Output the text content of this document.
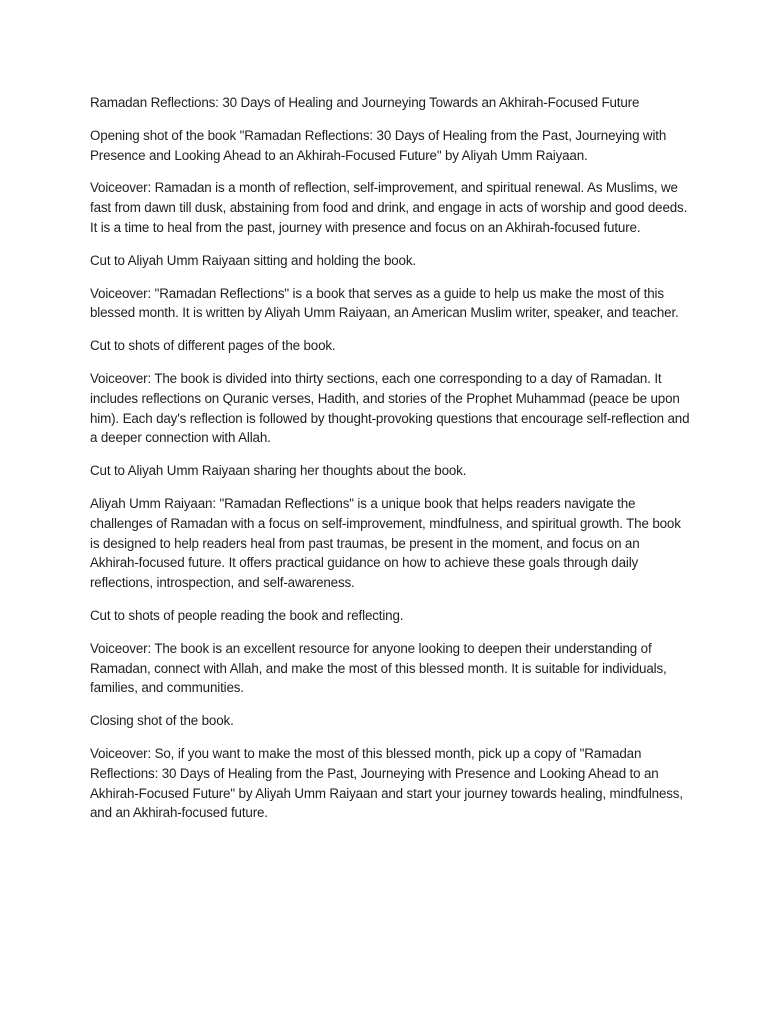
Ramadan Reflections: 30 Days of Healing and Journeying Towards an Akhirah-Focused Future

Opening shot of the book "Ramadan Reflections: 30 Days of Healing from the Past, Journeying with Presence and Looking Ahead to an Akhirah-Focused Future" by Aliyah Umm Raiyaan.

Voiceover: Ramadan is a month of reflection, self-improvement, and spiritual renewal. As Muslims, we fast from dawn till dusk, abstaining from food and drink, and engage in acts of worship and good deeds. It is a time to heal from the past, journey with presence and focus on an Akhirah-focused future.

Cut to Aliyah Umm Raiyaan sitting and holding the book.

Voiceover: "Ramadan Reflections" is a book that serves as a guide to help us make the most of this blessed month. It is written by Aliyah Umm Raiyaan, an American Muslim writer, speaker, and teacher.

Cut to shots of different pages of the book.

Voiceover: The book is divided into thirty sections, each one corresponding to a day of Ramadan. It includes reflections on Quranic verses, Hadith, and stories of the Prophet Muhammad (peace be upon him). Each day's reflection is followed by thought-provoking questions that encourage self-reflection and a deeper connection with Allah.

Cut to Aliyah Umm Raiyaan sharing her thoughts about the book.

Aliyah Umm Raiyaan: "Ramadan Reflections" is a unique book that helps readers navigate the challenges of Ramadan with a focus on self-improvement, mindfulness, and spiritual growth. The book is designed to help readers heal from past traumas, be present in the moment, and focus on an Akhirah-focused future. It offers practical guidance on how to achieve these goals through daily reflections, introspection, and self-awareness.

Cut to shots of people reading the book and reflecting.

Voiceover: The book is an excellent resource for anyone looking to deepen their understanding of Ramadan, connect with Allah, and make the most of this blessed month. It is suitable for individuals, families, and communities.

Closing shot of the book.

Voiceover: So, if you want to make the most of this blessed month, pick up a copy of "Ramadan Reflections: 30 Days of Healing from the Past, Journeying with Presence and Looking Ahead to an Akhirah-Focused Future" by Aliyah Umm Raiyaan and start your journey towards healing, mindfulness, and an Akhirah-focused future.
